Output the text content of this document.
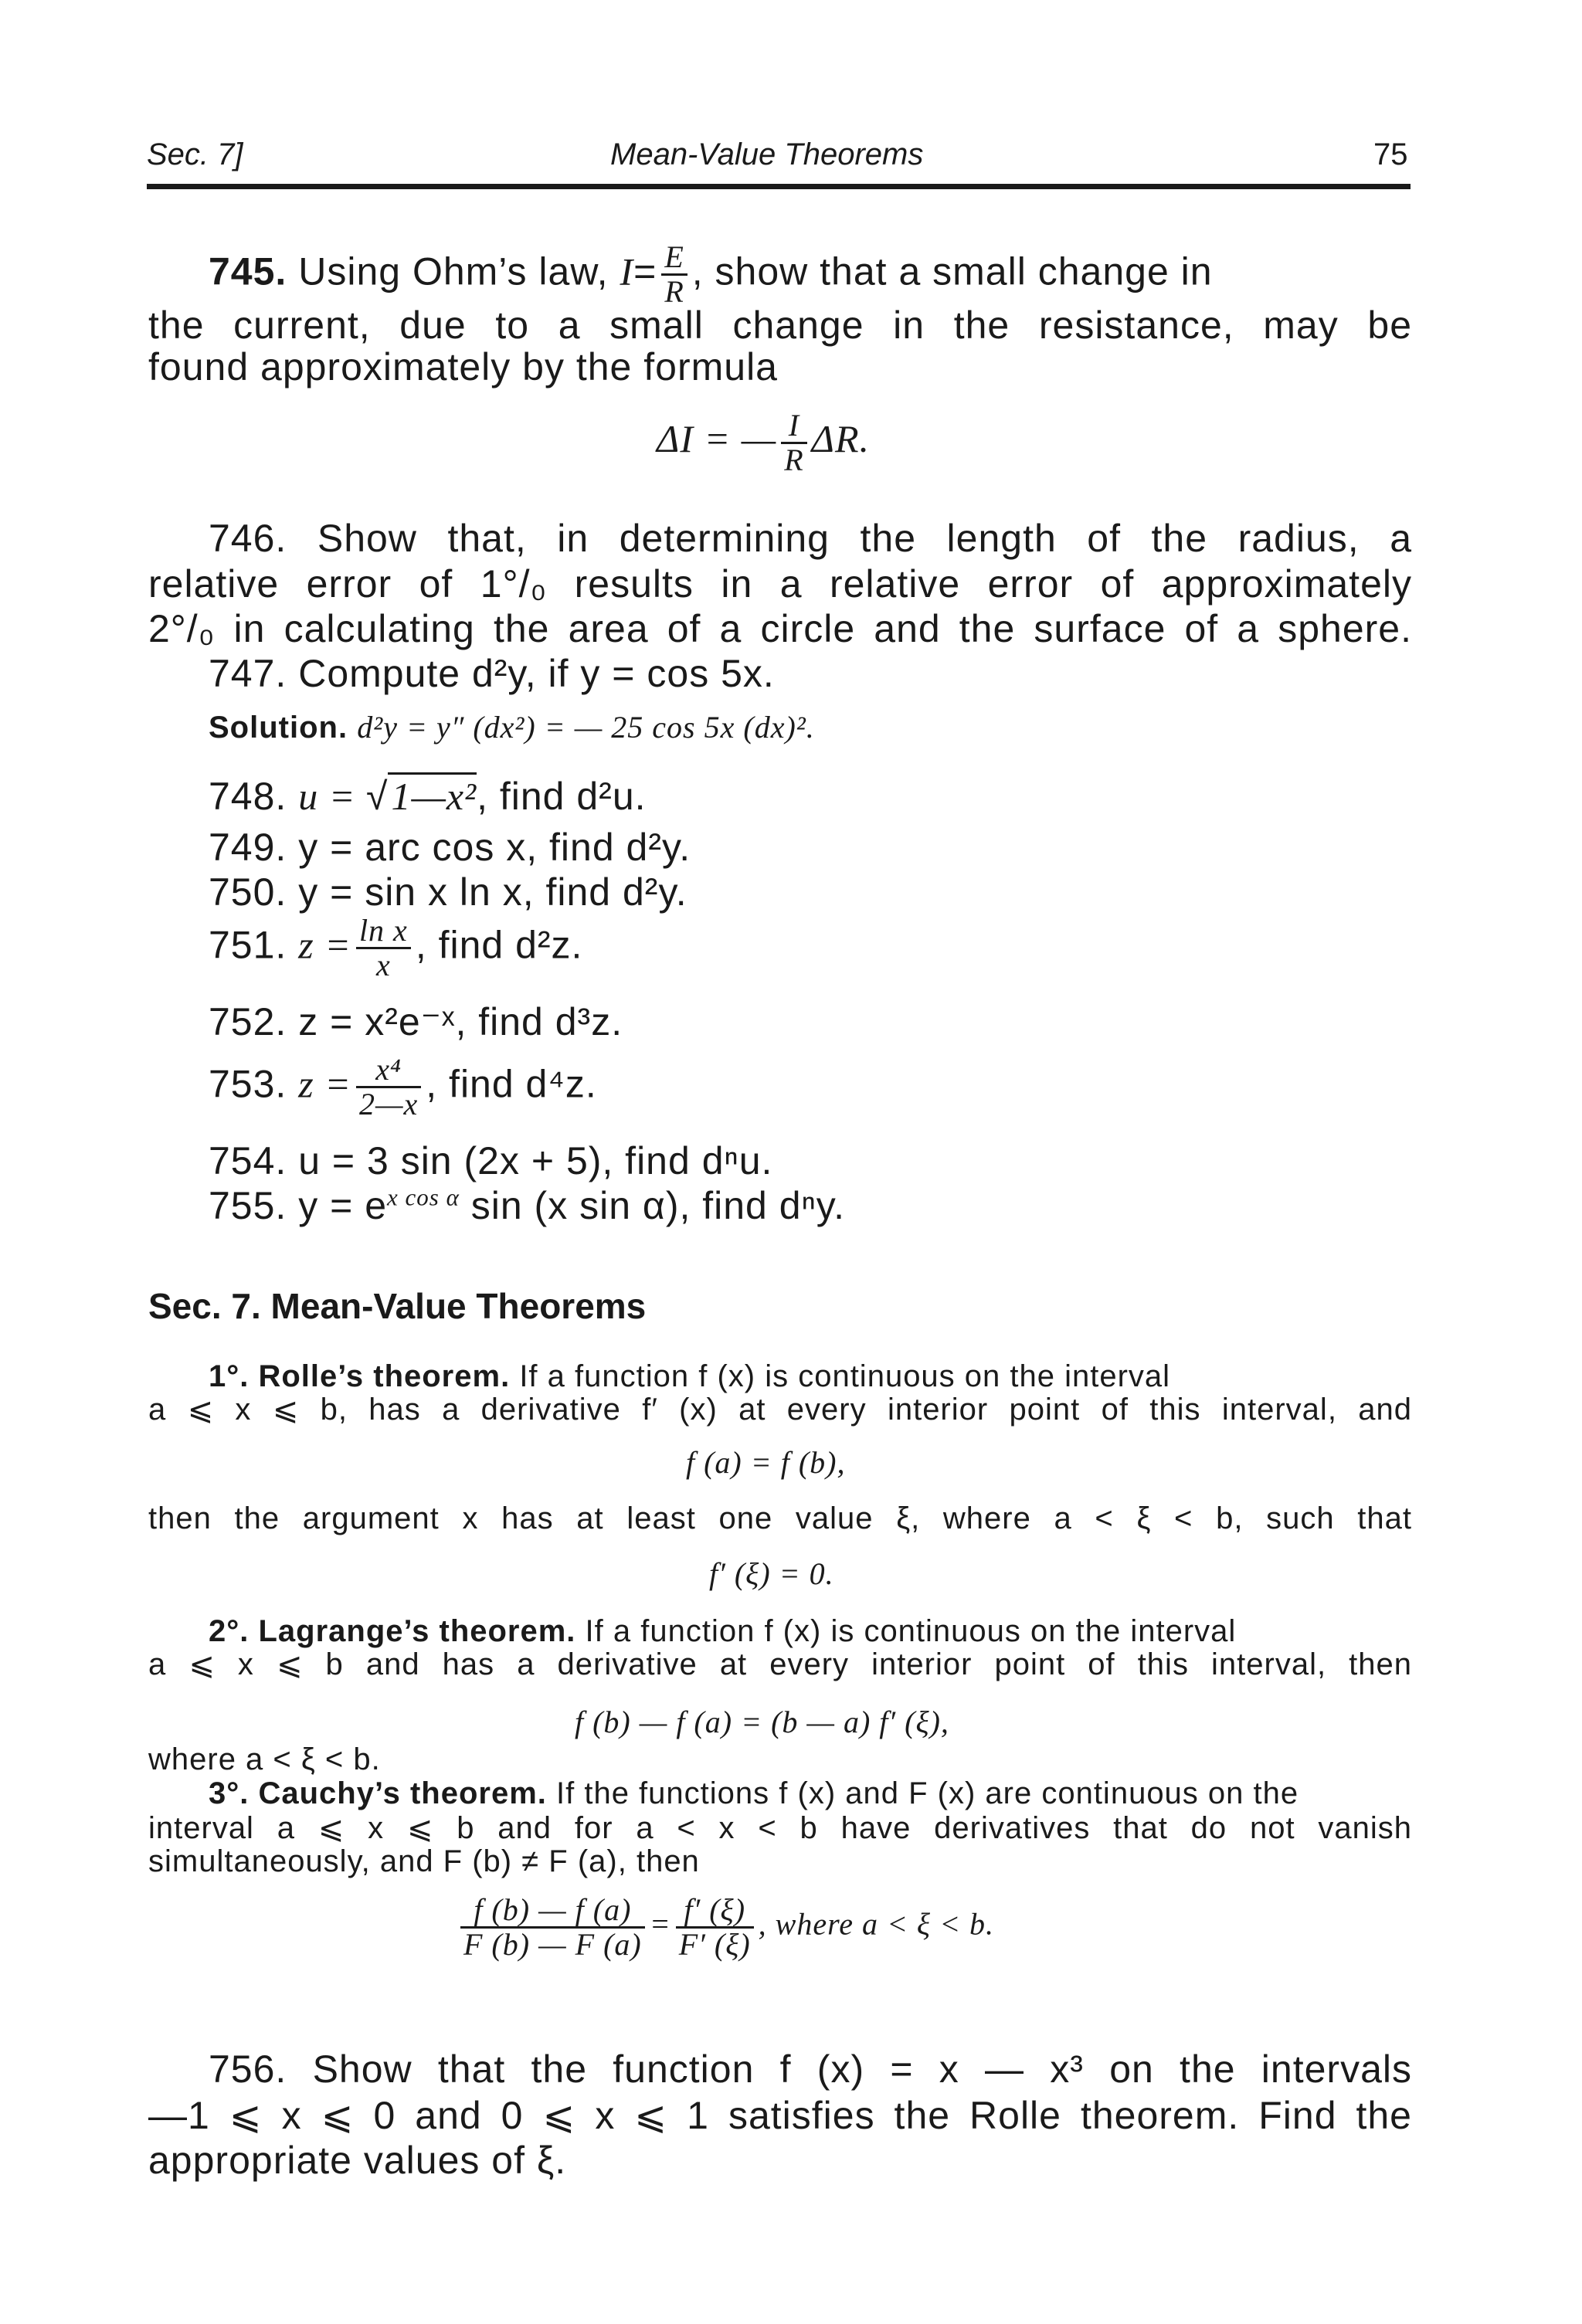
Sec. 7]	Mean-Value Theorems	75
745. Using Ohm’s law, $I= \frac{E}{R}$ , show that a small change in
the current, due to a small change in the resistance, may be
found approximately by the formula
ΔI = — $\frac{I}{R} \Delta R$.
746. Show that, in determining the length of the radius, a
relative error of 1°/₀ results in a relative error of approximately
2°/₀ in calculating the area of a circle and the surface of a sphere.
747. Compute d²y, if y = cos 5x.
Solution. d²y = y″ (dx²) = — 25 cos 5x (dx)².
748. u = √1—x², find d²u.
749. y = arc cos x, find d²y.
750. y = sin x ln x, find d²y.
751. $z = \frac{\text{ln x}}{x}$ , find d²z.
752. z = x²e⁻ˣ, find d³z.
753. $z = \frac{\text{x⁴}}{2—x}$ , find d⁴z.
754. u = 3 sin (2x + 5), find dⁿu.
755. $y = e^{x cos \alpha}$ sin (x sin α), find dⁿy.
Sec. 7. Mean-Value Theorems
1°. Rolle’s theorem. If a function f (x) is continuous on the interval
a ⩽ x ⩽ b, has a derivative f′ (x) at every interior point of this interval, and
f (a) = f (b),
then the argument x has at least one value ξ, where a < ξ < b, such that
f′ (ξ) = 0.
2°. Lagrange’s theorem. If a function f (x) is continuous on the interval
a ⩽ x ⩽ b and has a derivative at every interior point of this interval, then
f (b) — f (a) = (b — a) f′ (ξ),
where a < ξ < b.
3°. Cauchy’s theorem. If the functions f (x) and F (x) are continuous on the
interval a ⩽ x ⩽ b and for a < x < b have derivatives that do not vanish
simultaneously, and F (b) ≠ F (a), then
$\frac{f (b) — f (a)}{F (b) — F (a)} = \frac{f' (\xi)}{F' (\xi)}$ , where a < ξ < b.
756. Show that the function f (x) = x — x³ on the intervals
—1 ⩽ x ⩽ 0 and 0 ⩽ x ⩽ 1 satisfies the Rolle theorem. Find the
appropriate values of ξ.
